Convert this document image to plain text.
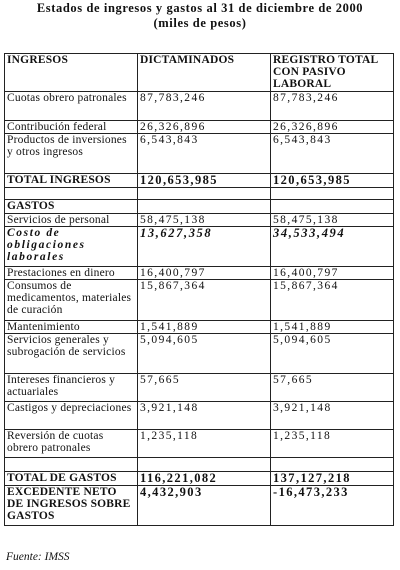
Estados de ingresos y gastos al 31 de diciembre de 2000
(miles de pesos)
INGRESOS	DICTAMINADOS	REGISTRO TOTAL CON PASIVO LABORAL
Cuotas obrero patronales	87,783,246	87,783,246
Contribución federal	26,326,896	26,326,896
Productos de inversiones y otros ingresos	6,543,843	6,543,843
TOTAL INGRESOS	120,653,985	120,653,985

GASTOS		
Servicios de personal	58,475,138	58,475,138
Costo de obligaciones laborales	13,627,358	34,533,494
Prestaciones en dinero	16,400,797	16,400,797
Consumos de medicamentos, materiales de curación	15,867,364	15,867,364
Mantenimiento	1,541,889	1,541,889
Servicios generales y subrogación de servicios	5,094,605	5,094,605
Intereses financieros y actuariales	57,665	57,665
Castigos y depreciaciones	3,921,148	3,921,148
Reversión de cuotas obrero patronales	1,235,118	1,235,118

TOTAL DE GASTOS	116,221,082	137,127,218
EXCEDENTE NETO DE INGRESOS SOBRE GASTOS	4,432,903	-16,473,233
Fuente: IMSS
